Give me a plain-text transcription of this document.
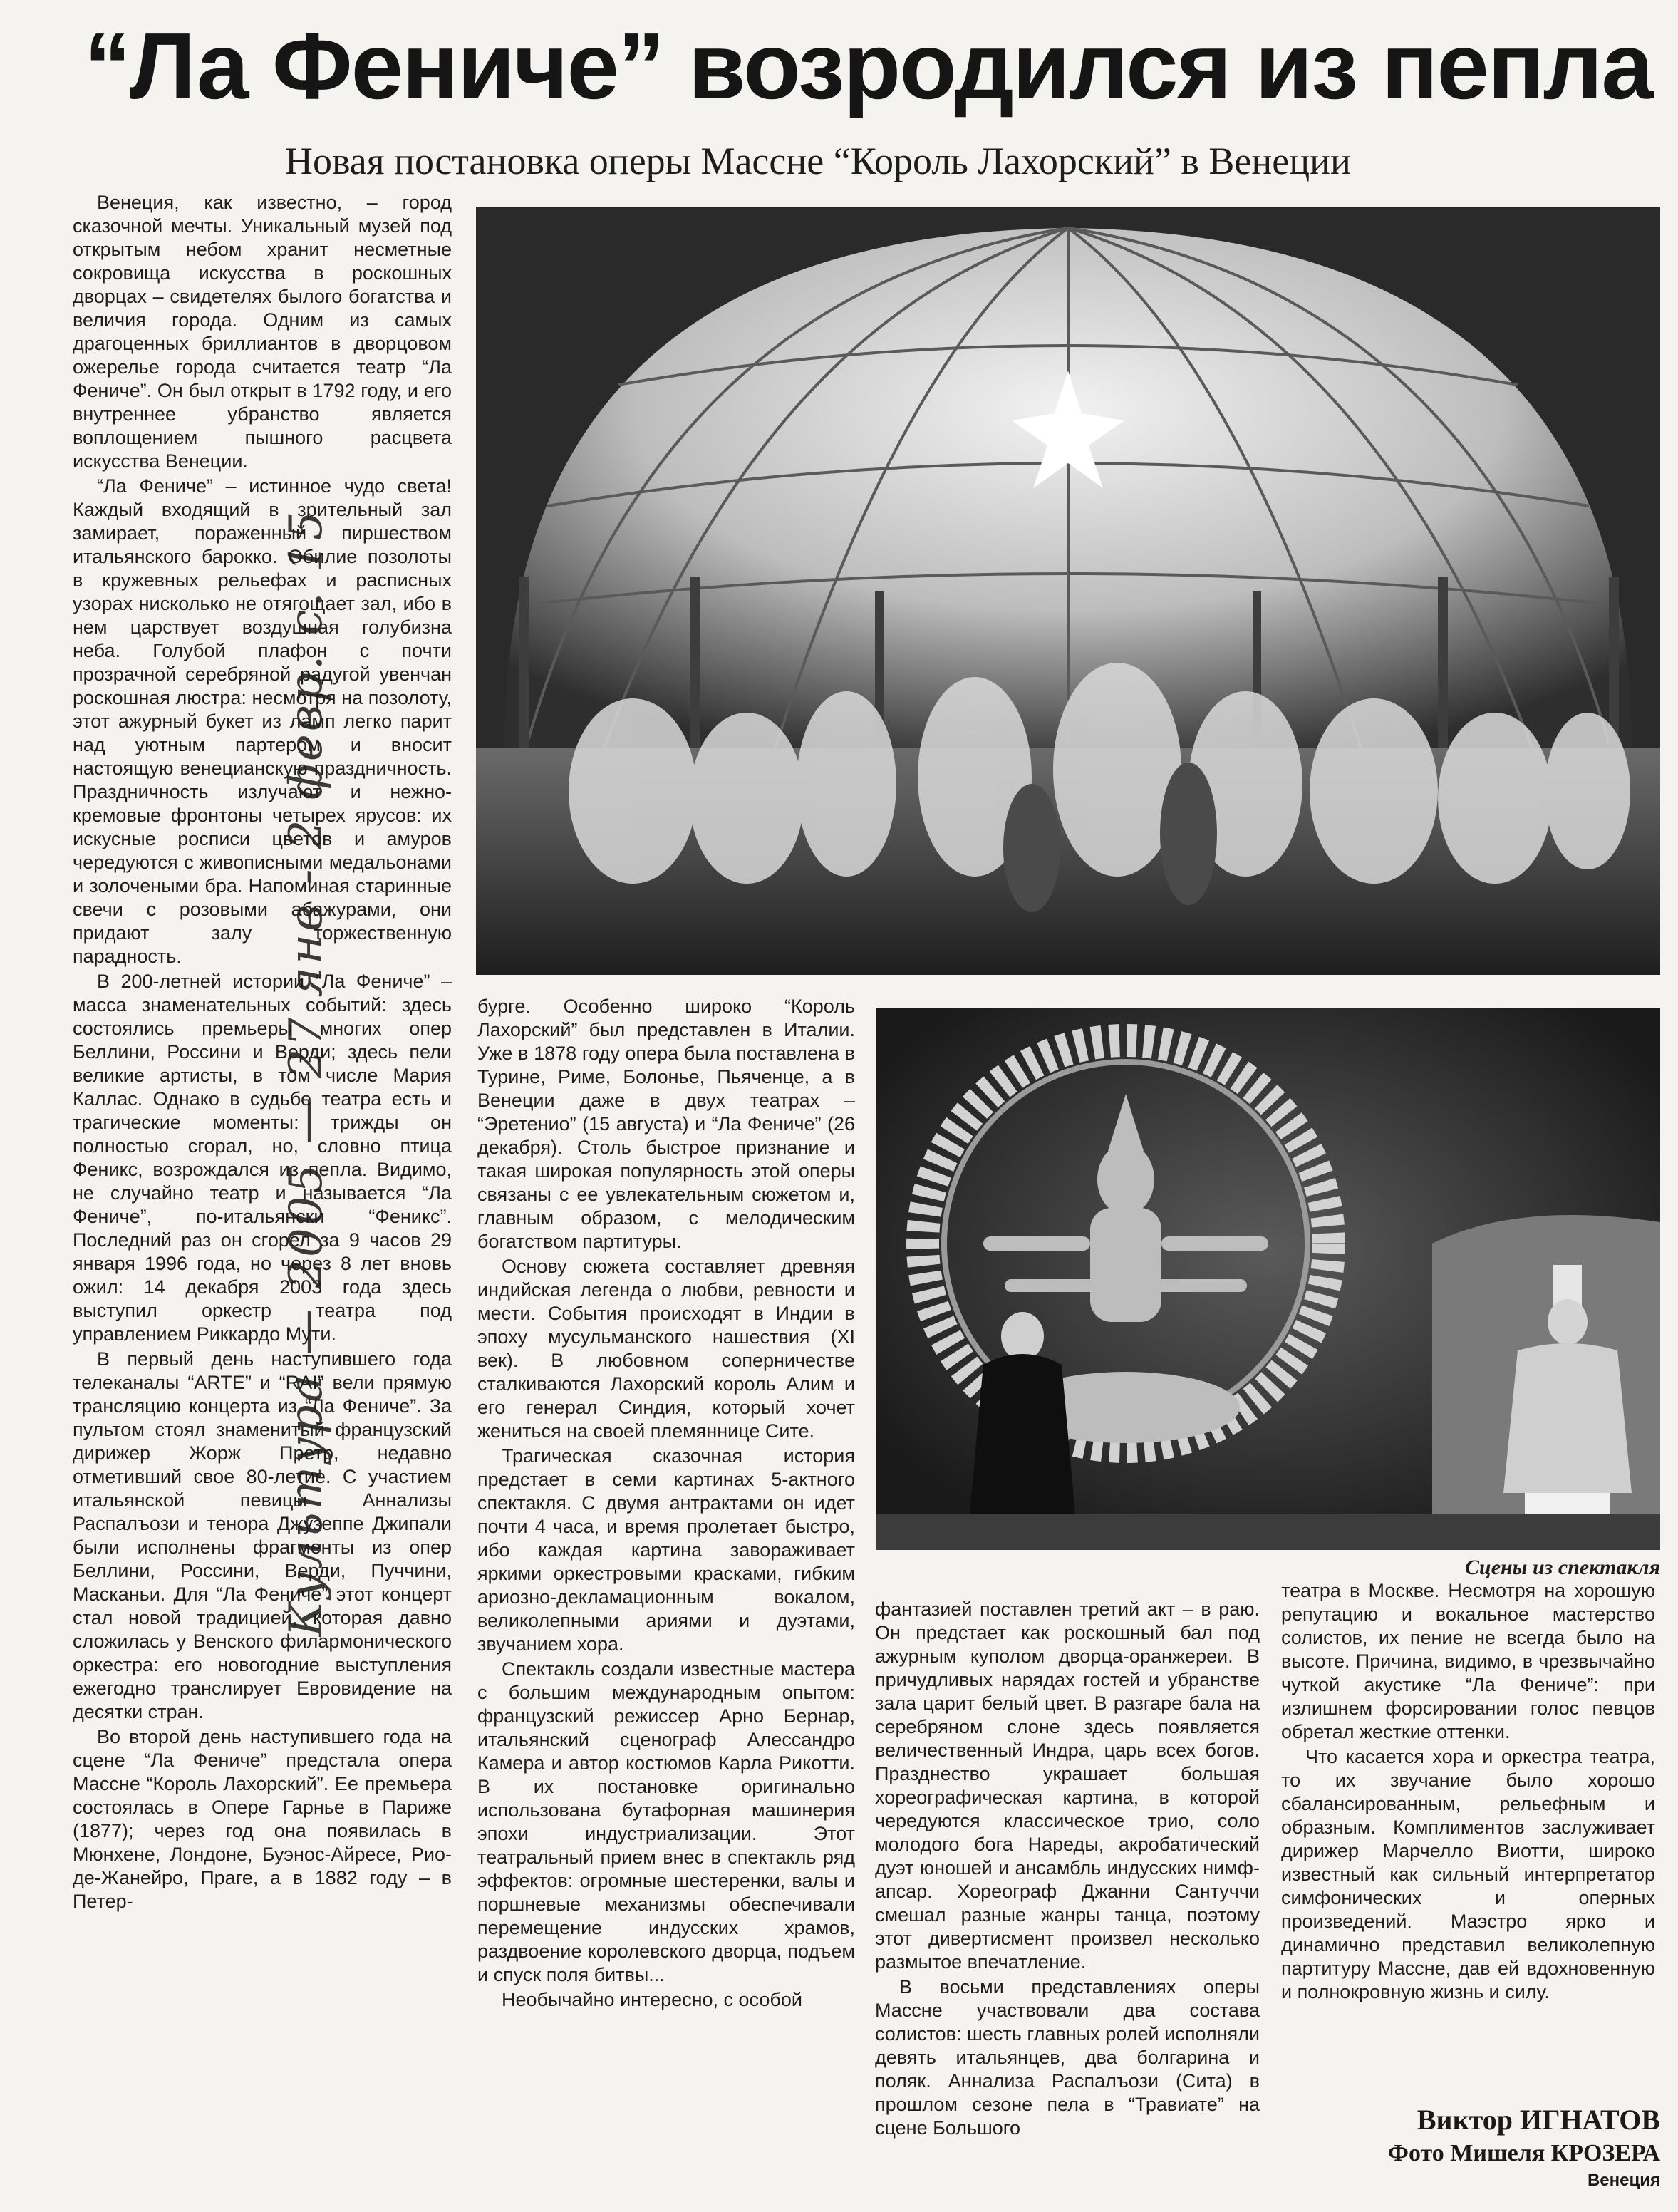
“Ла Фениче” возродился из пепла
Новая постановка оперы Массне “Король Лахорский” в Венеции
Культура — 2005 — 27 янв - 2 февр. с. 15

Венеция, как известно, – город сказочной мечты. Уникальный музей под открытым небом хранит несметные сокровища искусства в роскошных дворцах – свидетелях былого богатства и величия города. Одним из самых драгоценных бриллиантов в дворцовом ожерелье города считается театр “Ла Фениче”. Он был открыт в 1792 году, и его внутреннее убранство является воплощением пышного расцвета искусства Венеции.

“Ла Фениче” – истинное чудо света! Каждый входящий в зрительный зал замирает, пораженный пиршеством итальянского барокко. Обилие позолоты в кружевных рельефах и расписных узорах нисколько не отягощает зал, ибо в нем царствует воздушная голубизна неба. Голубой плафон с почти прозрачной серебряной радугой увенчан роскошная люстра: несмотря на позолоту, этот ажурный букет из ламп легко парит над уютным партером и вносит настоящую венецианскую праздничность. Праздничность излучают и нежно-кремовые фронтоны четырех ярусов: их искусные росписи цветов и амуров чередуются с живописными медальонами и золочеными бра. Напоминая старинные свечи с розовыми абажурами, они придают залу торжественную парадность.

В 200-летней истории “Ла Фениче” – масса знаменательных событий: здесь состоялись премьеры многих опер Беллини, Россини и Верди; здесь пели великие артисты, в том числе Мария Каллас. Однако в судьбе театра есть и трагические моменты: трижды он полностью сгорал, но, словно птица Феникс, возрождался из пепла. Видимо, не случайно театр и называется “Ла Фениче”, по-итальянски “Феникс”. Последний раз он сгорел за 9 часов 29 января 1996 года, но через 8 лет вновь ожил: 14 декабря 2003 года здесь выступил оркестр театра под управлением Риккардо Мути.

В первый день наступившего года телеканалы “ARTE” и “RAI” вели прямую трансляцию концерта из “Ла Фениче”. За пультом стоял знаменитый французский дирижер Жорж Претр, недавно отметивший свое 80-летие. С участием итальянской певицы Аннализы Распалъози и тенора Джузеппе Джипали были исполнены фрагменты из опер Беллини, Россини, Верди, Пуччини, Масканьи. Для “Ла Фениче” этот концерт стал новой традицией, которая давно сложилась у Венского филармонического оркестра: его новогодние выступления ежегодно транслирует Евровидение на десятки стран.

Во второй день наступившего года на сцене “Ла Фениче” предстала опера Массне “Король Лахорский”. Ее премьера состоялась в Опере Гарнье в Париже (1877); через год она появилась в Мюнхене, Лондоне, Буэнос-Айресе, Рио-де-Жанейро, Праге, а в 1882 году – в Петер-

бурге. Особенно широко “Король Лахорский” был представлен в Италии. Уже в 1878 году опера была поставлена в Турине, Риме, Болонье, Пьяченце, а в Венеции даже в двух театрах – “Эретенио” (15 августа) и “Ла Фениче” (26 декабря). Столь быстрое признание и такая широкая популярность этой оперы связаны с ее увлекательным сюжетом и, главным образом, с мелодическим богатством партитуры.

Основу сюжета составляет древняя индийская легенда о любви, ревности и мести. События происходят в Индии в эпоху мусульманского нашествия (XI век). В любовном соперничестве сталкиваются Лахорский король Алим и его генерал Синдия, который хочет жениться на своей племяннице Сите.

Трагическая сказочная история предстает в семи картинах 5-актного спектакля. С двумя антрактами он идет почти 4 часа, и время пролетает быстро, ибо каждая картина завораживает яркими оркестровыми красками, гибким ариозно-декламационным вокалом, великолепными ариями и дуэтами, звучанием хора.

Спектакль создали известные мастера с большим международным опытом: французский режиссер Арно Бернар, итальянский сценограф Алессандро Камера и автор костюмов Карла Рикотти. В их постановке оригинально использована бутафорная машинерия эпохи индустриализации. Этот театральный прием внес в спектакль ряд эффектов: огромные шестеренки, валы и поршневые механизмы обеспечивали перемещение индусских храмов, раздвоение королевского дворца, подъем и спуск поля битвы...

Необычайно интересно, с особой

Сцены из спектакля

фантазией поставлен третий акт – в раю. Он предстает как роскошный бал под ажурным куполом дворца-оранжереи. В причудливых нарядах гостей и убранстве зала царит белый цвет. В разгаре бала на серебряном слоне здесь появляется величественный Индра, царь всех богов. Празднество украшает большая хореографическая картина, в которой чередуются классическое трио, соло молодого бога Нареды, акробатический дуэт юношей и ансамбль индусских нимф-апсар. Хореограф Джанни Сантуччи смешал разные жанры танца, поэтому этот дивертисмент произвел несколько размытое впечатление.

В восьми представлениях оперы Массне участвовали два состава солистов: шесть главных ролей исполняли девять итальянцев, два болгарина и поляк. Аннализа Распалъози (Сита) в прошлом сезоне пела в “Травиате” на сцене Большого

театра в Москве. Несмотря на хорошую репутацию и вокальное мастерство солистов, их пение не всегда было на высоте. Причина, видимо, в чрезвычайно чуткой акустике “Ла Фениче”: при излишнем форсировании голос певцов обретал жесткие оттенки.

Что касается хора и оркестра театра, то их звучание было хорошо сбалансированным, рельефным и образным. Комплиментов заслуживает дирижер Марчелло Виотти, широко известный как сильный интерпретатор симфонических и оперных произведений. Маэстро ярко и динамично представил великолепную партитуру Массне, дав ей вдохновенную и полнокровную жизнь и силу.

Виктор ИГНАТОВ
Фото Мишеля КРОЗЕРА
Венеция
